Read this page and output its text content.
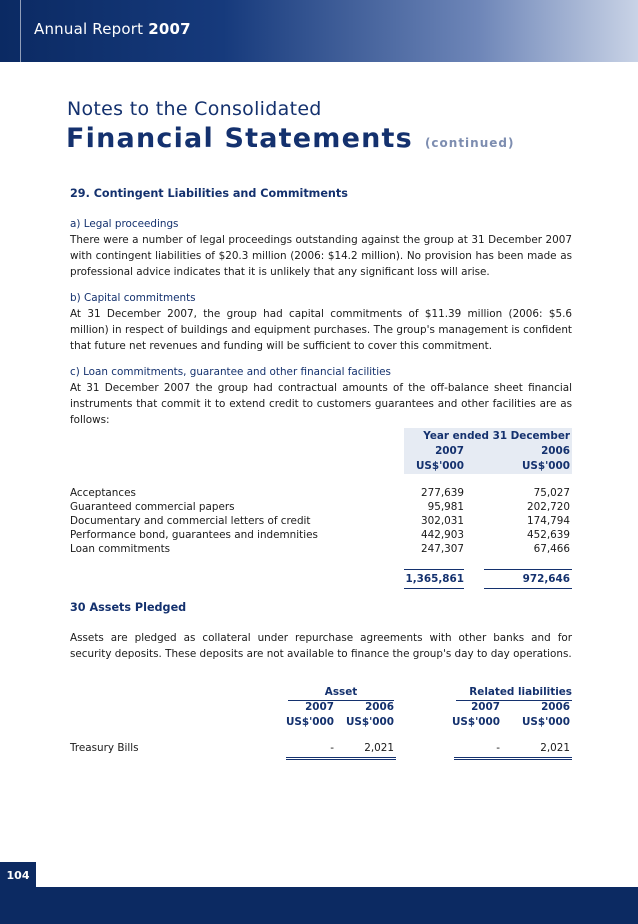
Annual Report 2007
Notes to the Consolidated
Financial Statements (continued)
29. Contingent Liabilities and Commitments
a) Legal proceedings
There were a number of legal proceedings outstanding against the group at 31 December 2007 with contingent liabilities of $20.3 million (2006: $14.2 million). No provision has been made as professional advice indicates that it is unlikely that any significant loss will arise.
b) Capital commitments
At 31 December 2007, the group had capital commitments of $11.39 million (2006: $5.6 million) in respect of buildings and equipment purchases. The group's management is confident that future net revenues and funding will be sufficient to cover this commitment.
c) Loan commitments, guarantee and other financial facilities
At 31 December 2007 the group had contractual amounts of the off-balance sheet financial instruments that commit it to extend credit to customers guarantees and other facilities are as follows:
Year ended 31 December
2007	2006
US$'000	US$'000
Acceptances	277,639	75,027
Guaranteed commercial papers	95,981	202,720
Documentary and commercial letters of credit	302,031	174,794
Performance bond, guarantees and indemnities	442,903	452,639
Loan commitments	247,307	67,466
1,365,861	972,646
30 Assets Pledged
Assets are pledged as collateral under repurchase agreements with other banks and for security deposits. These deposits are not available to finance the group's day to day operations.
Asset	Related liabilities
2007	2006	2007	2006
US$'000	US$'000	US$'000	US$'000
Treasury Bills	-	2,021	-	2,021
104
